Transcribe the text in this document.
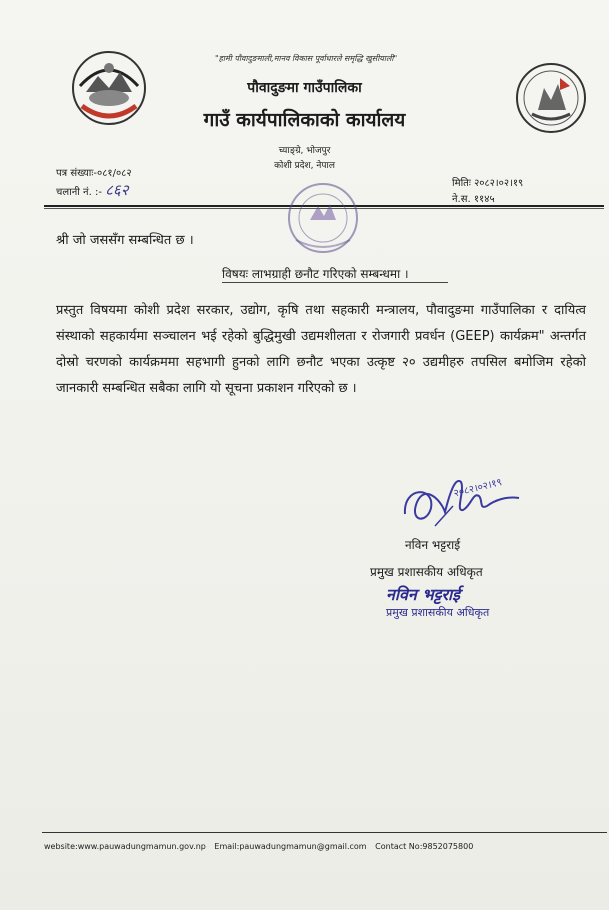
"हामी पौवादुङमाली,मानव विकास पूर्वाधारले समृद्धि खुसीयाली"
पौवादुङमा गाउँपालिका
गाउँ कार्यपालिकाको कार्यालय
च्याङ्ग्रे, भोजपुर
कोशी प्रदेश, नेपाल
पत्र संख्याः-०८१/०८२
चलानी नं. :- ८६२	मितिः २०८२।०२।१९
ने.स. ११४५
श्री जो जससँग सम्बन्धित छ ।
विषयः लाभग्राही छनौट गरिएको सम्बन्धमा ।
प्रस्तुत विषयमा कोशी प्रदेश सरकार, उद्योग, कृषि तथा सहकारी मन्त्रालय, पौवादुङमा गाउँपालिका र दायित्व संस्थाको सहकार्यमा सञ्चालन भई रहेको बुद्धिमुखी उद्यमशीलता र रोजगारी प्रवर्धन (GEEP) कार्यक्रम" अन्तर्गत दोस्रो चरणको कार्यक्रममा सहभागी हुनको लागि छनौट भएका उत्कृष्ट २० उद्यमीहरु तपसिल बमोजिम रहेको जानकारी सम्बन्धित सबैका लागि यो सूचना प्रकाशन गरिएको छ ।
२०८२।०२।१९
नविन भट्टराई
प्रमुख प्रशासकीय अधिकृत
नविन भट्टराई
प्रमुख प्रशासकीय अधिकृत
website:www.pauwadungmamun.gov.np Email:pauwadungmamun@gmail.com Contact No:9852075800
